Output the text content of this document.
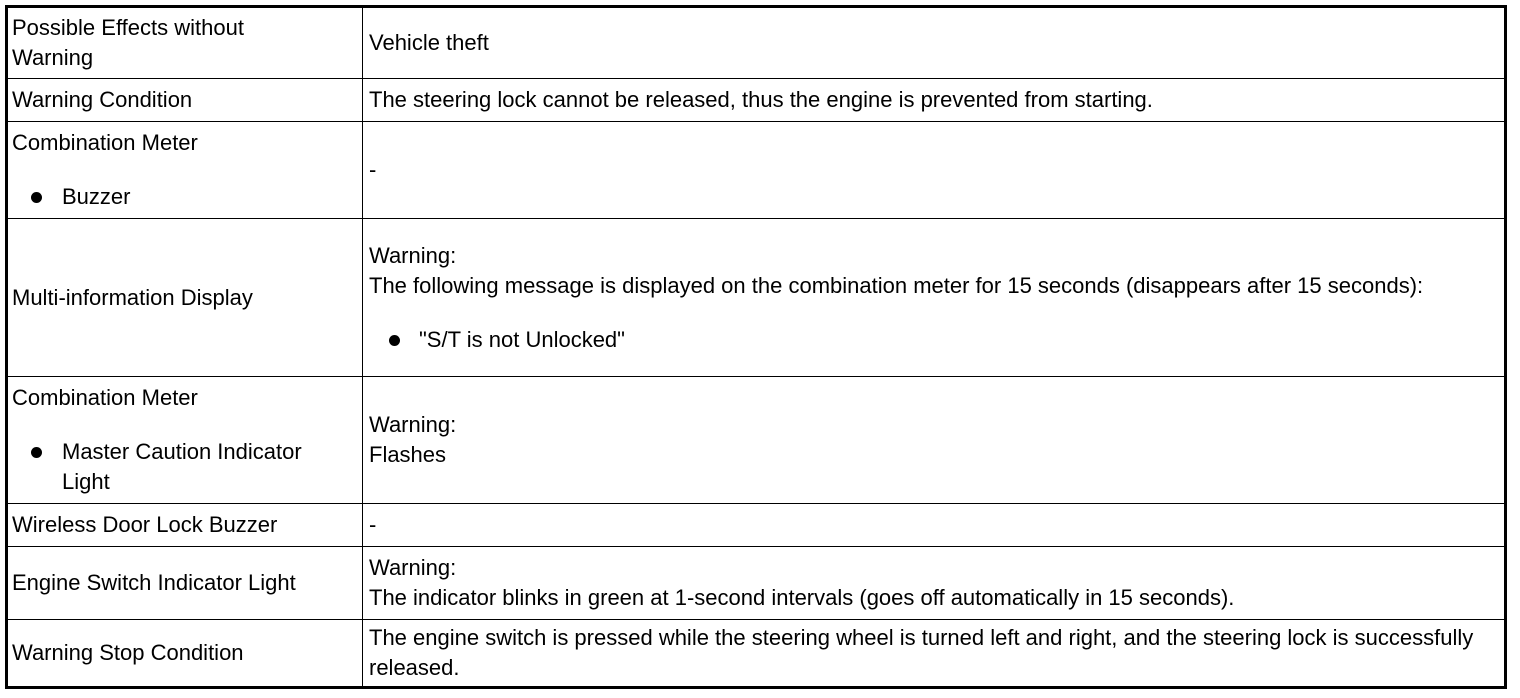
Possible Effects without Warning
Vehicle theft
Warning Condition	The steering lock cannot be released, thus the engine is prevented from starting.
Combination Meter
Buzzer
-
Multi-information Display
Warning:
The following message is displayed on the combination meter for 15 seconds (disappears after 15 seconds):
"S/T is not Unlocked"
Combination Meter
Master Caution Indicator Light
Warning:
Flashes
Wireless Door Lock Buzzer	-
Engine Switch Indicator Light
Warning:
The indicator blinks in green at 1-second intervals (goes off automatically in 15 seconds).
Warning Stop Condition
The engine switch is pressed while the steering wheel is turned left and right, and the steering lock is successfully released.
